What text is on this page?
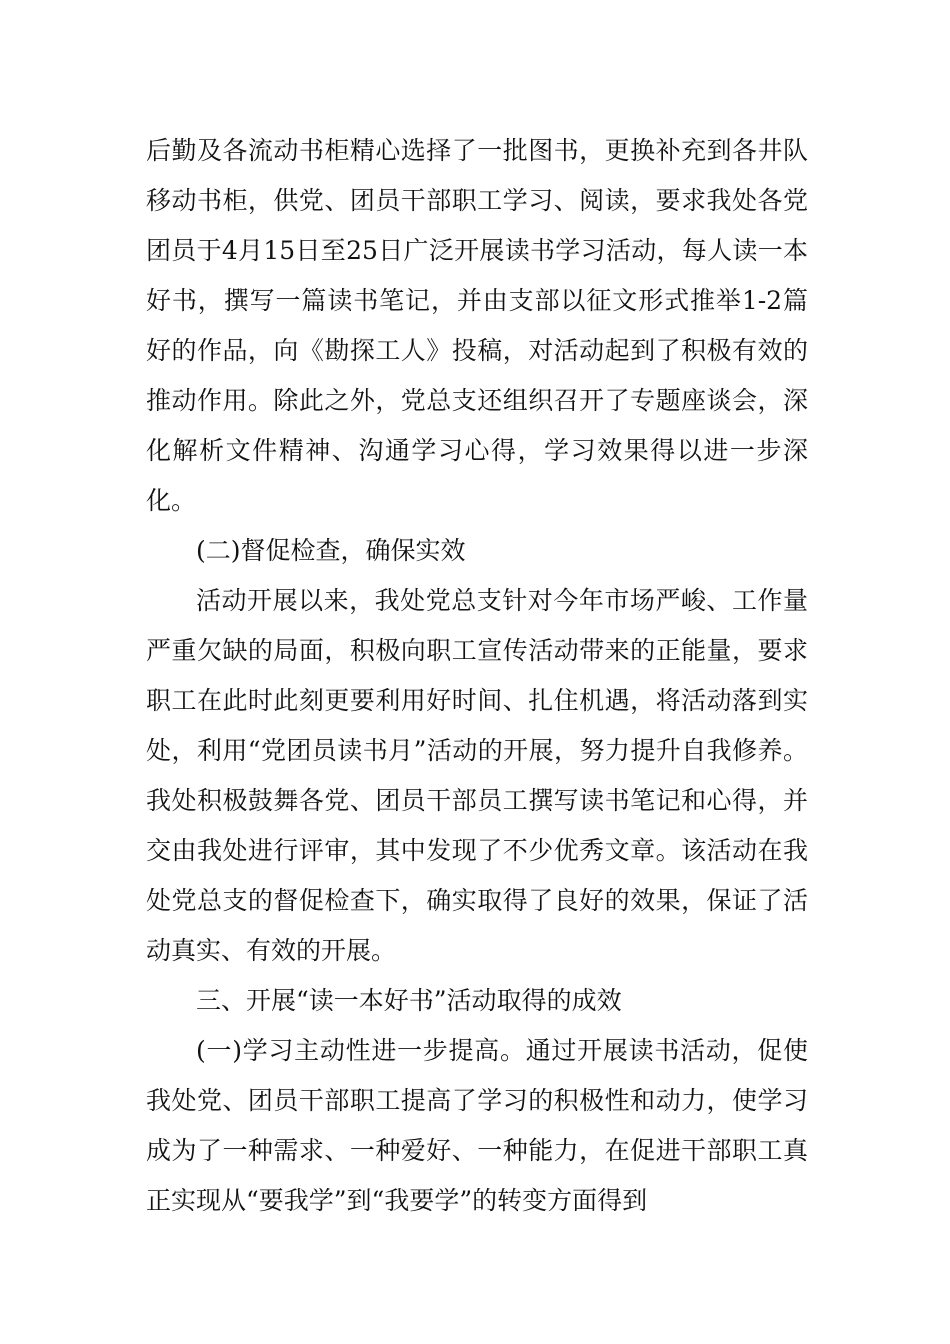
后勤及各流动书柜精心选择了一批图书，更换补充到各井队移动书柜，供党、团员干部职工学习、阅读，要求我处各党团员于4月15日至25日广泛开展读书学习活动，每人读一本好书，撰写一篇读书笔记，并由支部以征文形式推举1-2篇好的作品，向《勘探工人》投稿，对活动起到了积极有效的推动作用。除此之外，党总支还组织召开了专题座谈会，深化解析文件精神、沟通学习心得，学习效果得以进一步深化。

(二)督促检查，确保实效

活动开展以来，我处党总支针对今年市场严峻、工作量严重欠缺的局面，积极向职工宣传活动带来的正能量，要求职工在此时此刻更要利用好时间、扎住机遇，将活动落到实处，利用“党团员读书月”活动的开展，努力提升自我修养。我处积极鼓舞各党、团员干部员工撰写读书笔记和心得，并交由我处进行评审，其中发现了不少优秀文章。该活动在我处党总支的督促检查下，确实取得了良好的效果，保证了活动真实、有效的开展。

三、开展“读一本好书”活动取得的成效

(一)学习主动性进一步提高。通过开展读书活动，促使我处党、团员干部职工提高了学习的积极性和动力，使学习成为了一种需求、一种爱好、一种能力，在促进干部职工真正实现从“要我学”到“我要学”的转变方面得到
